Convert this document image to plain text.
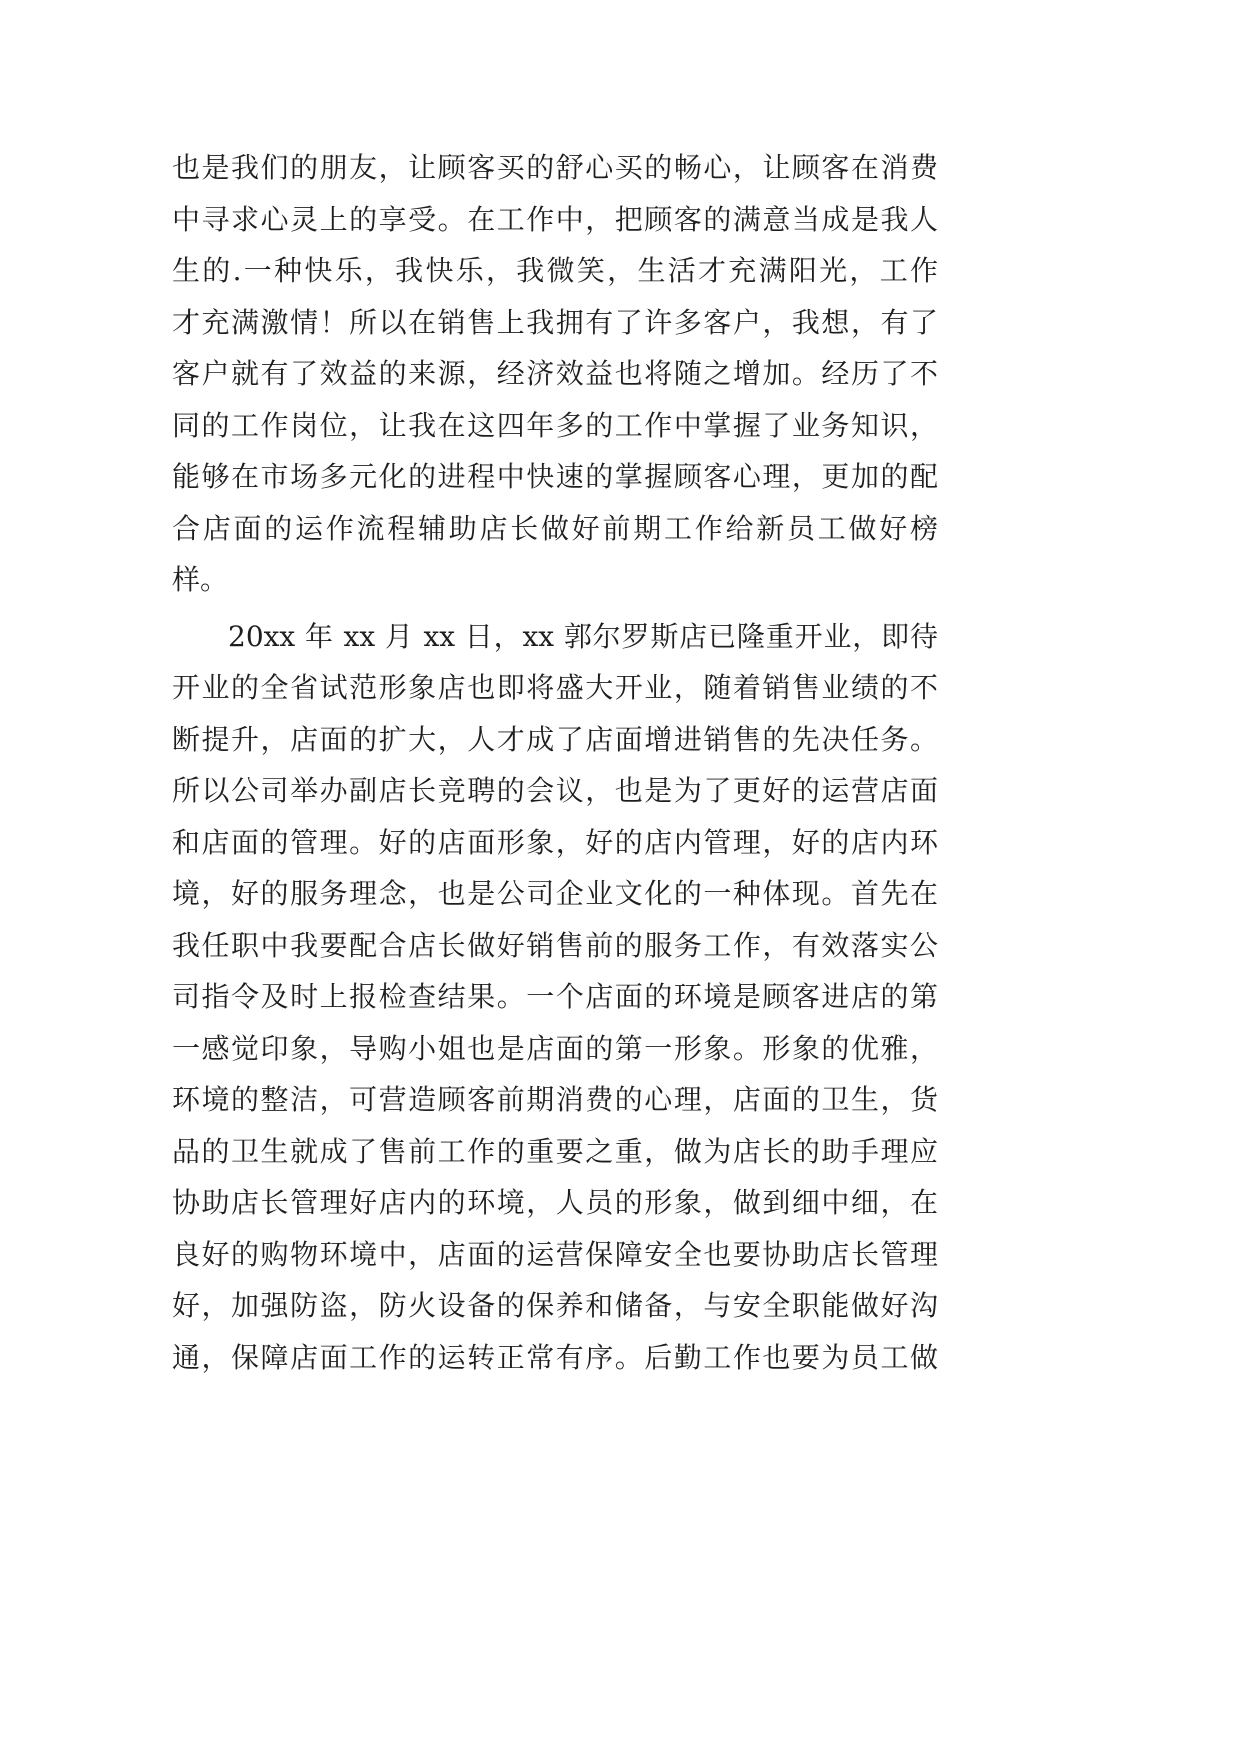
也是我们的朋友，让顾客买的舒心买的畅心，让顾客在消费
中寻求心灵上的享受。在工作中，把顾客的满意当成是我人
生的.一种快乐，我快乐，我微笑，生活才充满阳光，工作
才充满激情！所以在销售上我拥有了许多客户，我想，有了
客户就有了效益的来源，经济效益也将随之增加。经历了不
同的工作岗位，让我在这四年多的工作中掌握了业务知识，
能够在市场多元化的进程中快速的掌握顾客心理，更加的配
合店面的运作流程辅助店长做好前期工作给新员工做好榜
样。
20xx 年 xx 月 xx 日，xx 郭尔罗斯店已隆重开业，即待
开业的全省试范形象店也即将盛大开业，随着销售业绩的不
断提升，店面的扩大，人才成了店面增进销售的先决任务。
所以公司举办副店长竞聘的会议，也是为了更好的运营店面
和店面的管理。好的店面形象，好的店内管理，好的店内环
境，好的服务理念，也是公司企业文化的一种体现。首先在
我任职中我要配合店长做好销售前的服务工作，有效落实公
司指令及时上报检查结果。一个店面的环境是顾客进店的第
一感觉印象，导购小姐也是店面的第一形象。形象的优雅，
环境的整洁，可营造顾客前期消费的心理，店面的卫生，货
品的卫生就成了售前工作的重要之重，做为店长的助手理应
协助店长管理好店内的环境，人员的形象，做到细中细，在
良好的购物环境中，店面的运营保障安全也要协助店长管理
好，加强防盗，防火设备的保养和储备，与安全职能做好沟
通，保障店面工作的运转正常有序。后勤工作也要为员工做
